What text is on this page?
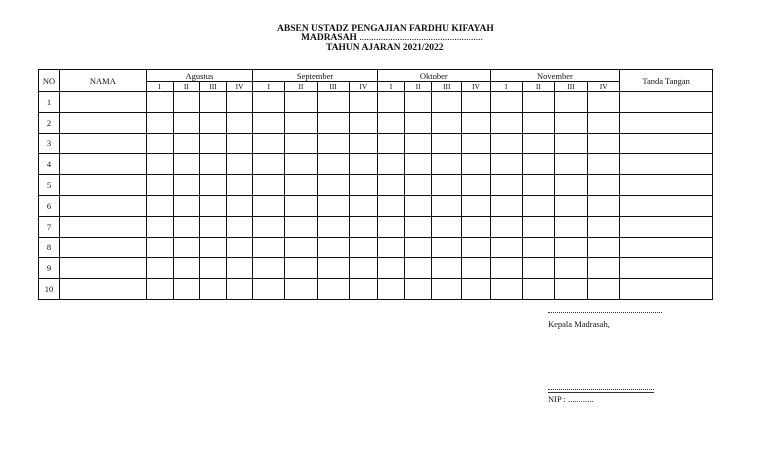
ABSEN USTADZ PENGAJIAN FARDHU KIFAYAH
MADRASAH ....................................................
TAHUN AJARAN 2021/2022
NO	NAMA	Agustus				September				Oktober				November				Tanda Tangan
		I	II	III	IV	I	II	III	IV	I	II	III	IV	I	II	III	IV	
1																		
2																		
3																		
4																		
5																		
6																		
7																		
8																		
9																		
10																		
Kepala Madrasah,
NIP : ............
